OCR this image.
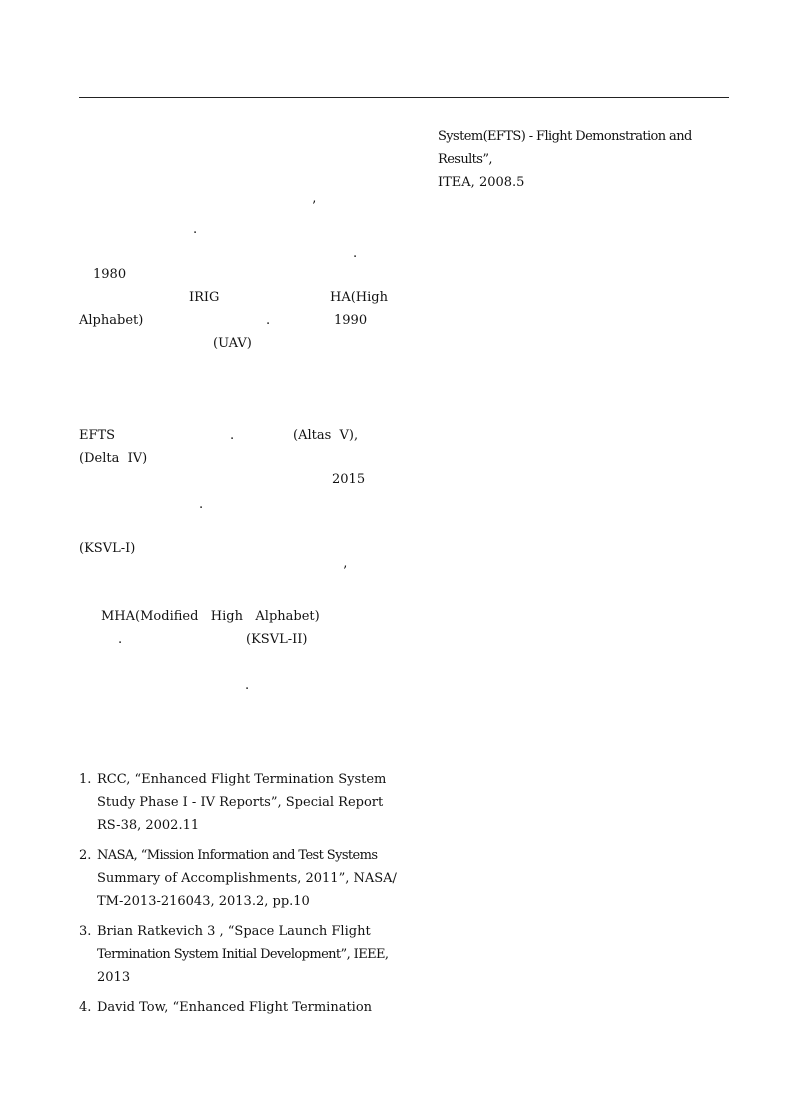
’
.
.
1980
IRIG	HA(High
Alphabet)	.	1990
(UAV)
EFTS	.	(Altas  V),
(Delta  IV)
2015
.
(KSVL-I)
’
MHA(Modified   High   Alphabet)
.	(KSVL-II)
.
System(EFTS) - Flight Demonstration and Results”,
ITEA, 2008.5
1. RCC, “Enhanced Flight Termination System
Study Phase I - IV Reports”, Special Report
RS-38, 2002.11
2. NASA, “Mission Information and Test Systems
Summary of Accomplishments, 2011”, NASA/
TM-2013-216043, 2013.2, pp.10
3. Brian Ratkevich 3 , “Space Launch Flight
Termination System Initial Development”, IEEE,
2013
4. David Tow, “Enhanced Flight Termination
